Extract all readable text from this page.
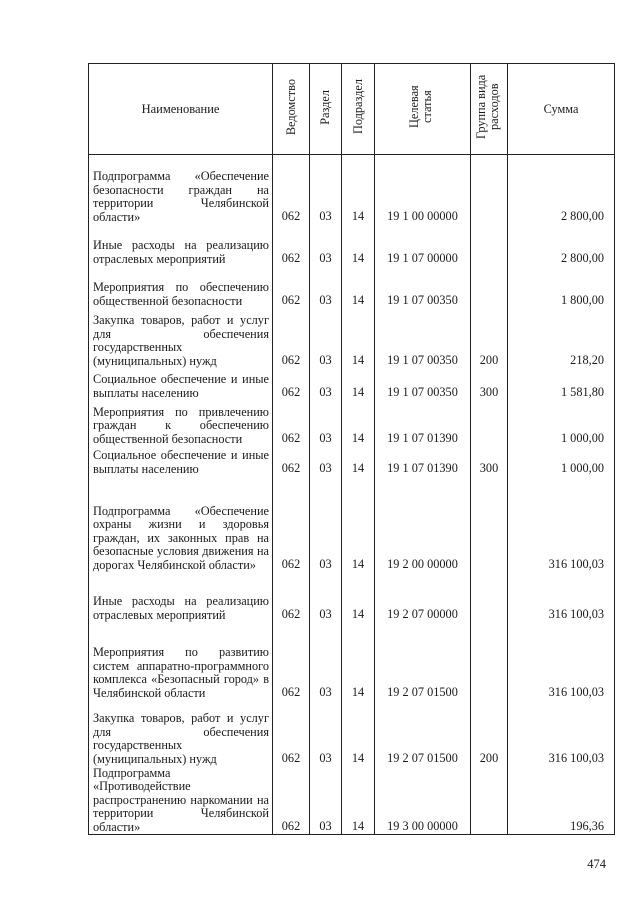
Наименование	Ведомство	Раздел	Подраздел	Целевая статья	Группа вида расходов	Сумма
Подпрограмма «Обеспечение безопасности граждан на территории Челябинской области»	062	03	14	19 1 00 00000		2 800,00
Иные расходы на реализацию отраслевых мероприятий	062	03	14	19 1 07 00000		2 800,00
Мероприятия по обеспечению общественной безопасности	062	03	14	19 1 07 00350		1 800,00
Закупка товаров, работ и услуг для обеспечения государственных (муниципальных) нужд	062	03	14	19 1 07 00350	200	218,20
Социальное обеспечение и иные выплаты населению	062	03	14	19 1 07 00350	300	1 581,80
Мероприятия по привлечению граждан к обеспечению общественной безопасности	062	03	14	19 1 07 01390		1 000,00
Социальное обеспечение и иные выплаты населению	062	03	14	19 1 07 01390	300	1 000,00
Подпрограмма «Обеспечение охраны жизни и здоровья граждан, их законных прав на безопасные условия движения на дорогах Челябинской области»	062	03	14	19 2 00 00000		316 100,03
Иные расходы на реализацию отраслевых мероприятий	062	03	14	19 2 07 00000		316 100,03
Мероприятия по развитию систем аппаратно-программного комплекса «Безопасный город» в Челябинской области	062	03	14	19 2 07 01500		316 100,03
Закупка товаров, работ и услуг для обеспечения государственных (муниципальных) нужд	062	03	14	19 2 07 01500	200	316 100,03
Подпрограмма «Противодействие распространению наркомании на территории Челябинской области»	062	03	14	19 3 00 00000		196,36
474
